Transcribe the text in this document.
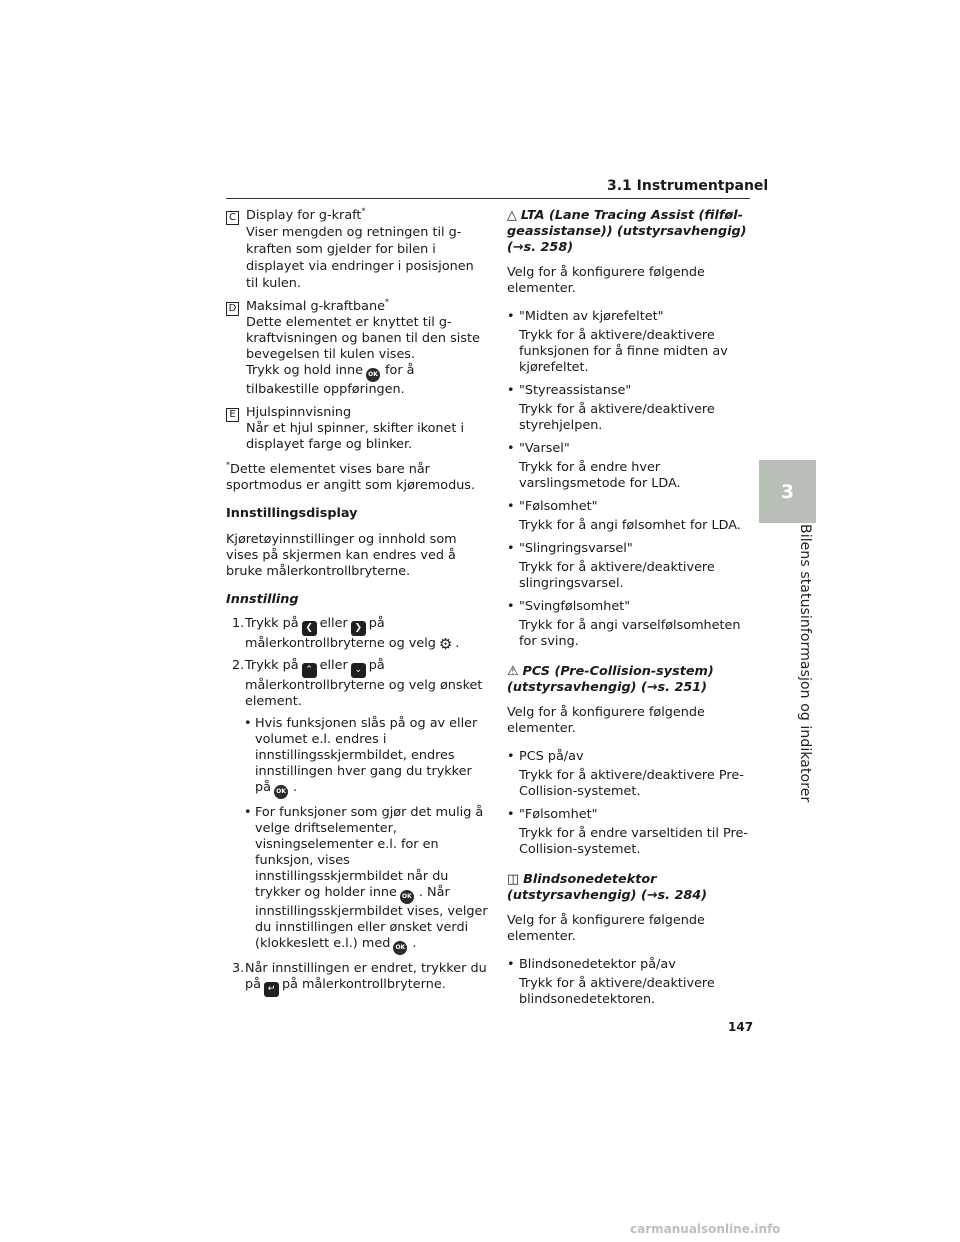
3.1 Instrumentpanel
3
Bilens statusinformasjon og indikatorer
C Display for g-kraft*
Viser mengden og retningen til g-kraften som gjelder for bilen i displayet via endringer i posisjonen til kulen.
D Maksimal g-kraftbane*
Dette elementet er knyttet til g-kraftvisningen og banen til den siste bevegelsen til kulen vises.
Trykk og hold inne OK for å tilbakestille oppføringen.
E Hjulspinnvisning
Når et hjul spinner, skifter ikonet i displayet farge og blinker.
*Dette elementet vises bare når sportmodus er angitt som kjøremodus.
Innstillingsdisplay
Kjøretøyinnstillinger og innhold som vises på skjermen kan endres ved å bruke målerkontrollbryterne.
Innstilling
1. Trykk på ❮ eller ❯ på målerkontrollbryterne og velg ⚙ .
2. Trykk på ⌃ eller ⌄ på målerkontrollbryterne og velg ønsket element.
• Hvis funksjonen slås på og av eller volumet e.l. endres i innstillingsskjermbildet, endres innstillingen hver gang du trykker på OK .
• For funksjoner som gjør det mulig å velge driftselementer, visningselementer e.l. for en funksjon, vises innstillingsskjermbildet når du trykker og holder inne OK . Når innstillingsskjermbildet vises, velger du innstillingen eller ønsket verdi (klokkeslett e.l.) med OK .
3. Når innstillingen er endret, trykker du på ↵ på målerkontrollbryterne.
△ LTA (Lane Tracing Assist (filfølgeassistanse)) (utstyrsavhengig) (→s. 258)
Velg for å konfigurere følgende elementer.
• "Midten av kjørefeltet"
Trykk for å aktivere/deaktivere funksjonen for å finne midten av kjørefeltet.
• "Styreassistanse"
Trykk for å aktivere/deaktivere styrehjelpen.
• "Varsel"
Trykk for å endre hver varslingsmetode for LDA.
• "Følsomhet"
Trykk for å angi følsomhet for LDA.
• "Slingringsvarsel"
Trykk for å aktivere/deaktivere slingringsvarsel.
• "Svingfølsomhet"
Trykk for å angi varselfølsomheten for sving.
⚠ PCS (Pre-Collision-system) (utstyrsavhengig) (→s. 251)
Velg for å konfigurere følgende elementer.
• PCS på/av
Trykk for å aktivere/deaktivere Pre-Collision-systemet.
• "Følsomhet"
Trykk for å endre varseltiden til Pre-Collision-systemet.
◫ Blindsonedetektor (utstyrsavhengig) (→s. 284)
Velg for å konfigurere følgende elementer.
• Blindsonedetektor på/av
Trykk for å aktivere/deaktivere blindsonedetektoren.
147
carmanualsonline.info
